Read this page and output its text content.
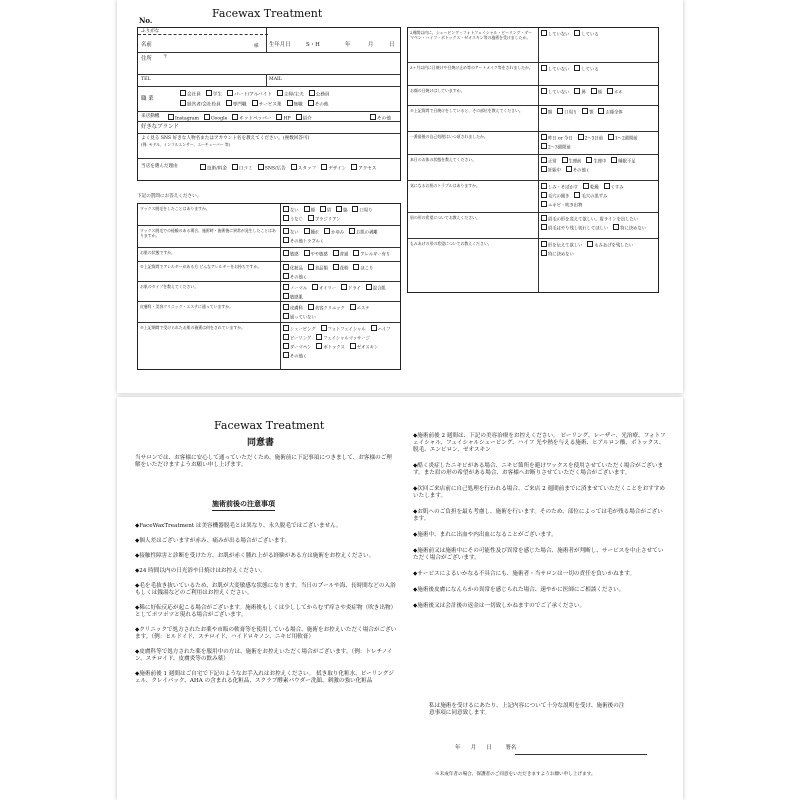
No.
Facewax Treatment
ふりがな
名前	様 生年月日	S・H	年	月	日
住所 〒
TEL	MAIL
職 業
会社員	学生	パート/アルバイト	主婦/主夫	公務員
経営者/会社役員	専門職	サービス業	無職	その他
来店動機	Instagram	Google	ホットペッパー	HP	紹介	その他
好きなブランド
よく見る SNS 好きな人物名またはアカウント名を教えてください。(複数回答可)
(例: モデル、インフルエンサー、ユーチューバー 等)
当店を選んだ理由	技術/料金	口コミ	SNS/広告	スタッフ	デザイン	アクセス
下記の質問にお答えください。
ワックス脱毛をしたことはありますか。	ない	顔	眉	脇	口周りうなじ	ブラジリアン
ワックス脱毛での経験のある場合、施術時・施術後に異常が発生したことはありますか。	ない	腫れ	かゆみ	お肌の剥離その他トラブル (
お肌の状態ですか。	敏感	やや敏感	普通	アレルギー有り
※上記質問でアレルギーがある方 どんなアレルギーをお持ちですか。	化粧品	食品類	花粉	ほこりその他 (
お肌のタイプを教えてください。	ノーマル	オイリー	ドライ	混合肌敏感肌
皮膚科・美容クリニック・エステに通っていますか。	皮膚科	美容クリニック	エステ通っていない
※上記期間で受けられたお肌の施術は何をされていますか。	シェービング	フォトフェイシャル	ハイフピーリング	フェイシャルマッサージダーマペン	ボトックス	ゼオスキンその他 (
2週間以内に、シェービング・フォトフェイシャル・ピーリング・ダーマペン・ハイフ・ボトックス・ゼオスキン等の施術を受けましたか。	していない	している
3ヶ月以内に日焼けや日焼け止め等のアートメイク等をされましたか。	していない	している
お顔の日焼けはしていますか。	していない	鼻	頬	ホホ
※上記質問で日焼けをしていると、その部位を教えてください。	額	口周り	顎	お顔全体
一番最後の自己処理はいつ頃されましたか。	昨日 or 今日	2〜3日前	1〜2週間前2〜3週間前
本日のお体の状態を教えてください。	正常	生理前	生理中	睡眠不足妊娠中	その他 (
気になるお肌のトラブルはありますか。	しみ・そばかす	乾燥	くすみ毛穴の開き	毛穴の黒ずみニキビ・吹き出物
眉の形の希望についてお教えください。	眉毛の形を変えて欲しい。眉ラインを出したい眉毛はやり残し切れしてほしい	特に決めない
もみあげの形の希望についてお教えください。	形を伝えて欲しい	もみあげを残したい特に決めない
Facewax Treatment
同意書
当サロンでは、お客様に安心して通っていただくため、施術前に下記事項につきまして、お客様のご理解をいただけますようお願い申し上げます。
施術前後の注意事項
◆FaceWaxTreatment は美容機器脱毛とは異なり、永久脱毛ではございません。
◆個人差はございますが赤み、痛みが出る場合がございます。
◆接触性障害と診断を受けた方、お肌が赤く腫れ上がる経験がある方は施術をお控えください。
◆24 時間以内の日光浴や日焼けはお控えください。
◆毛を毛抜き抜いているため、お肌が大変敏感な状態になります。当日のプールや海、長時間などの入浴もしくは銭湯などのご利用はお控えください。
◆稀に好転反応が起こる場合がございます。施術後もしくは少ししてからむず痒さや炎症物（吹き出物）としてポツポツと現れる場合がございます。
◆クリニックで処方されたお薬や市販の軟膏等を使用している場合、施術をお控えいただく場合がございます。（例：ヒルドイド、ステロイド、ハイドロキノン、ニキビ用軟膏）
◆皮膚科等で処方された薬を服用中の方は、施術をお控えいただく場合がございます。（例：トレチノイン、ステロイド、皮膚炎等の飲み薬）
◆施術前後 1 週間はご自宅で下記のようなお手入れはお控えください。 拭き取り化粧水、ピーリングジェル、クレイパック、AHA の含まれる化粧品、スクラブ酵素パウダー洗顔、刺激の強い化粧品
◆施術前後 2 週間は、下記の美容治療をお控えください。 ピーリング、レーザー、光治療、フォトフェイシャル、フェイシャルシェービング、ハイフ 光や熱を与える施術、ヒアルロン酸、ボトックス、脱毛、エンビロン、ゼオスキン
◆酷く炎症したニキビがある場合、ニキビ箇所を避けワックスを使用させていただく場合がございます。また眉の形の希望がある場合、お客様へお断りさせていただく場合がございます。
◆次回ご来店前に自己処理を行われる場合、ご来店 2 週間前までに済ませていただくことをおすすめいたします。
◆お肌へのご負担を最も考慮し、施術を行います。そのため、部位によっては毛が残る場合がございます。
◆施術中、まれに出血や内出血になることがございます。
◆施術前又は施術中にその可能性及び異常を感じた場合、施術者が判断し、サービスを中止させていただく場合がございます。
◆サービスによるいかなる不具合にも、施術者・当サロンは一切の責任を負いかねます。
◆施術後皮膚になんらかの異常を感じられた場合、速やかに医師にご相談ください。
◆施術後又は会計後の返金は一切致しかねますのでご了承ください。
私は施術を受けるにあたり、上記内容について十分な説明を受け、施術後の注意事項に同意致します。
年 月 日	署名
※未成年者の場合、保護者のご同意をいただきますようお願い申し上げます。
